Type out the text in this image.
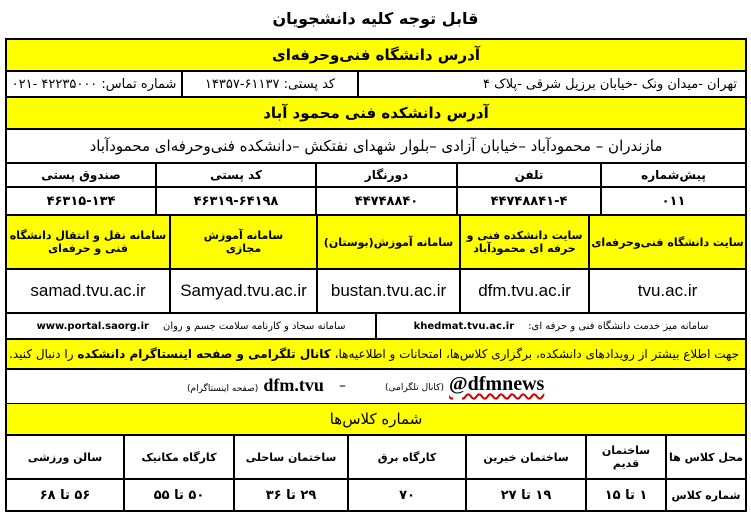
قابل توجه کلیه دانشجویان
آدرس دانشگاه فنی‌وحرفه‌ای
تهران -میدان ونک -خیابان برزیل شرقی -پلاک ۴
کد پستی: ۶۱۱۳۷-۱۴۳۵۷
شماره تماس: ۴۲۲۳۵۰۰۰ -۰۲۱
آدرس دانشکده فنی محمود آباد
مازندران – محمودآباد –خیابان آزادی –بلوار شهدای نفتکش –دانشکده فنی‌وحرفه‌ای محمودآباد
پیش‌شماره
تلفن
دورنگار
کد پستی
صندوق پستی
۰۱۱
۴۴۷۴۸۸۴۱-۴
۴۴۷۴۸۸۴۰
۴۶۳۱۹-۶۴۱۹۸
۴۶۳۱۵-۱۳۴
سایت دانشگاه فنی‌وحرفه‌ای
سایت دانشکده فنی و حرفه ای محمودآباد
سامانه آموزش(بوستان)
سامانه آموزش مجازی
سامانه نقل و انتقال دانشگاه فنی و حرفه‌ای
tvu.ac.ir
dfm.tvu.ac.ir
bustan.tvu.ac.ir
Samyad.tvu.ac.ir
samad.tvu.ac.ir
سامانه میز خدمت دانشگاه فنی و حرفه ای:
khedmat.tvu.ac.ir
سامانه سجاد و کارنامه سلامت جسم و روان
www.portal.saorg.ir
جهت اطلاع بیشتر از رویدادهای دانشکده، برگزاری کلاس‌ها، امتحانات و اطلاعیه‌ها،

کانال تلگرامی و صفحه اینستاگرام دانشکده

را دنبال کنید.
(صفحه اینستاگرام) dfm.tvu –	(کانال تلگرامی) @dfmnews
شماره کلاس‌ها
محل کلاس ها
ساختمان قدیم
ساختمان خیرین
کارگاه برق
ساختمان ساحلی
کارگاه مکانیک
سالن ورزشی
شماره کلاس
۱ تا ۱۵
۱۹ تا ۲۷
۷۰
۲۹ تا ۳۶
۵۰ تا ۵۵
۵۶ تا ۶۸
